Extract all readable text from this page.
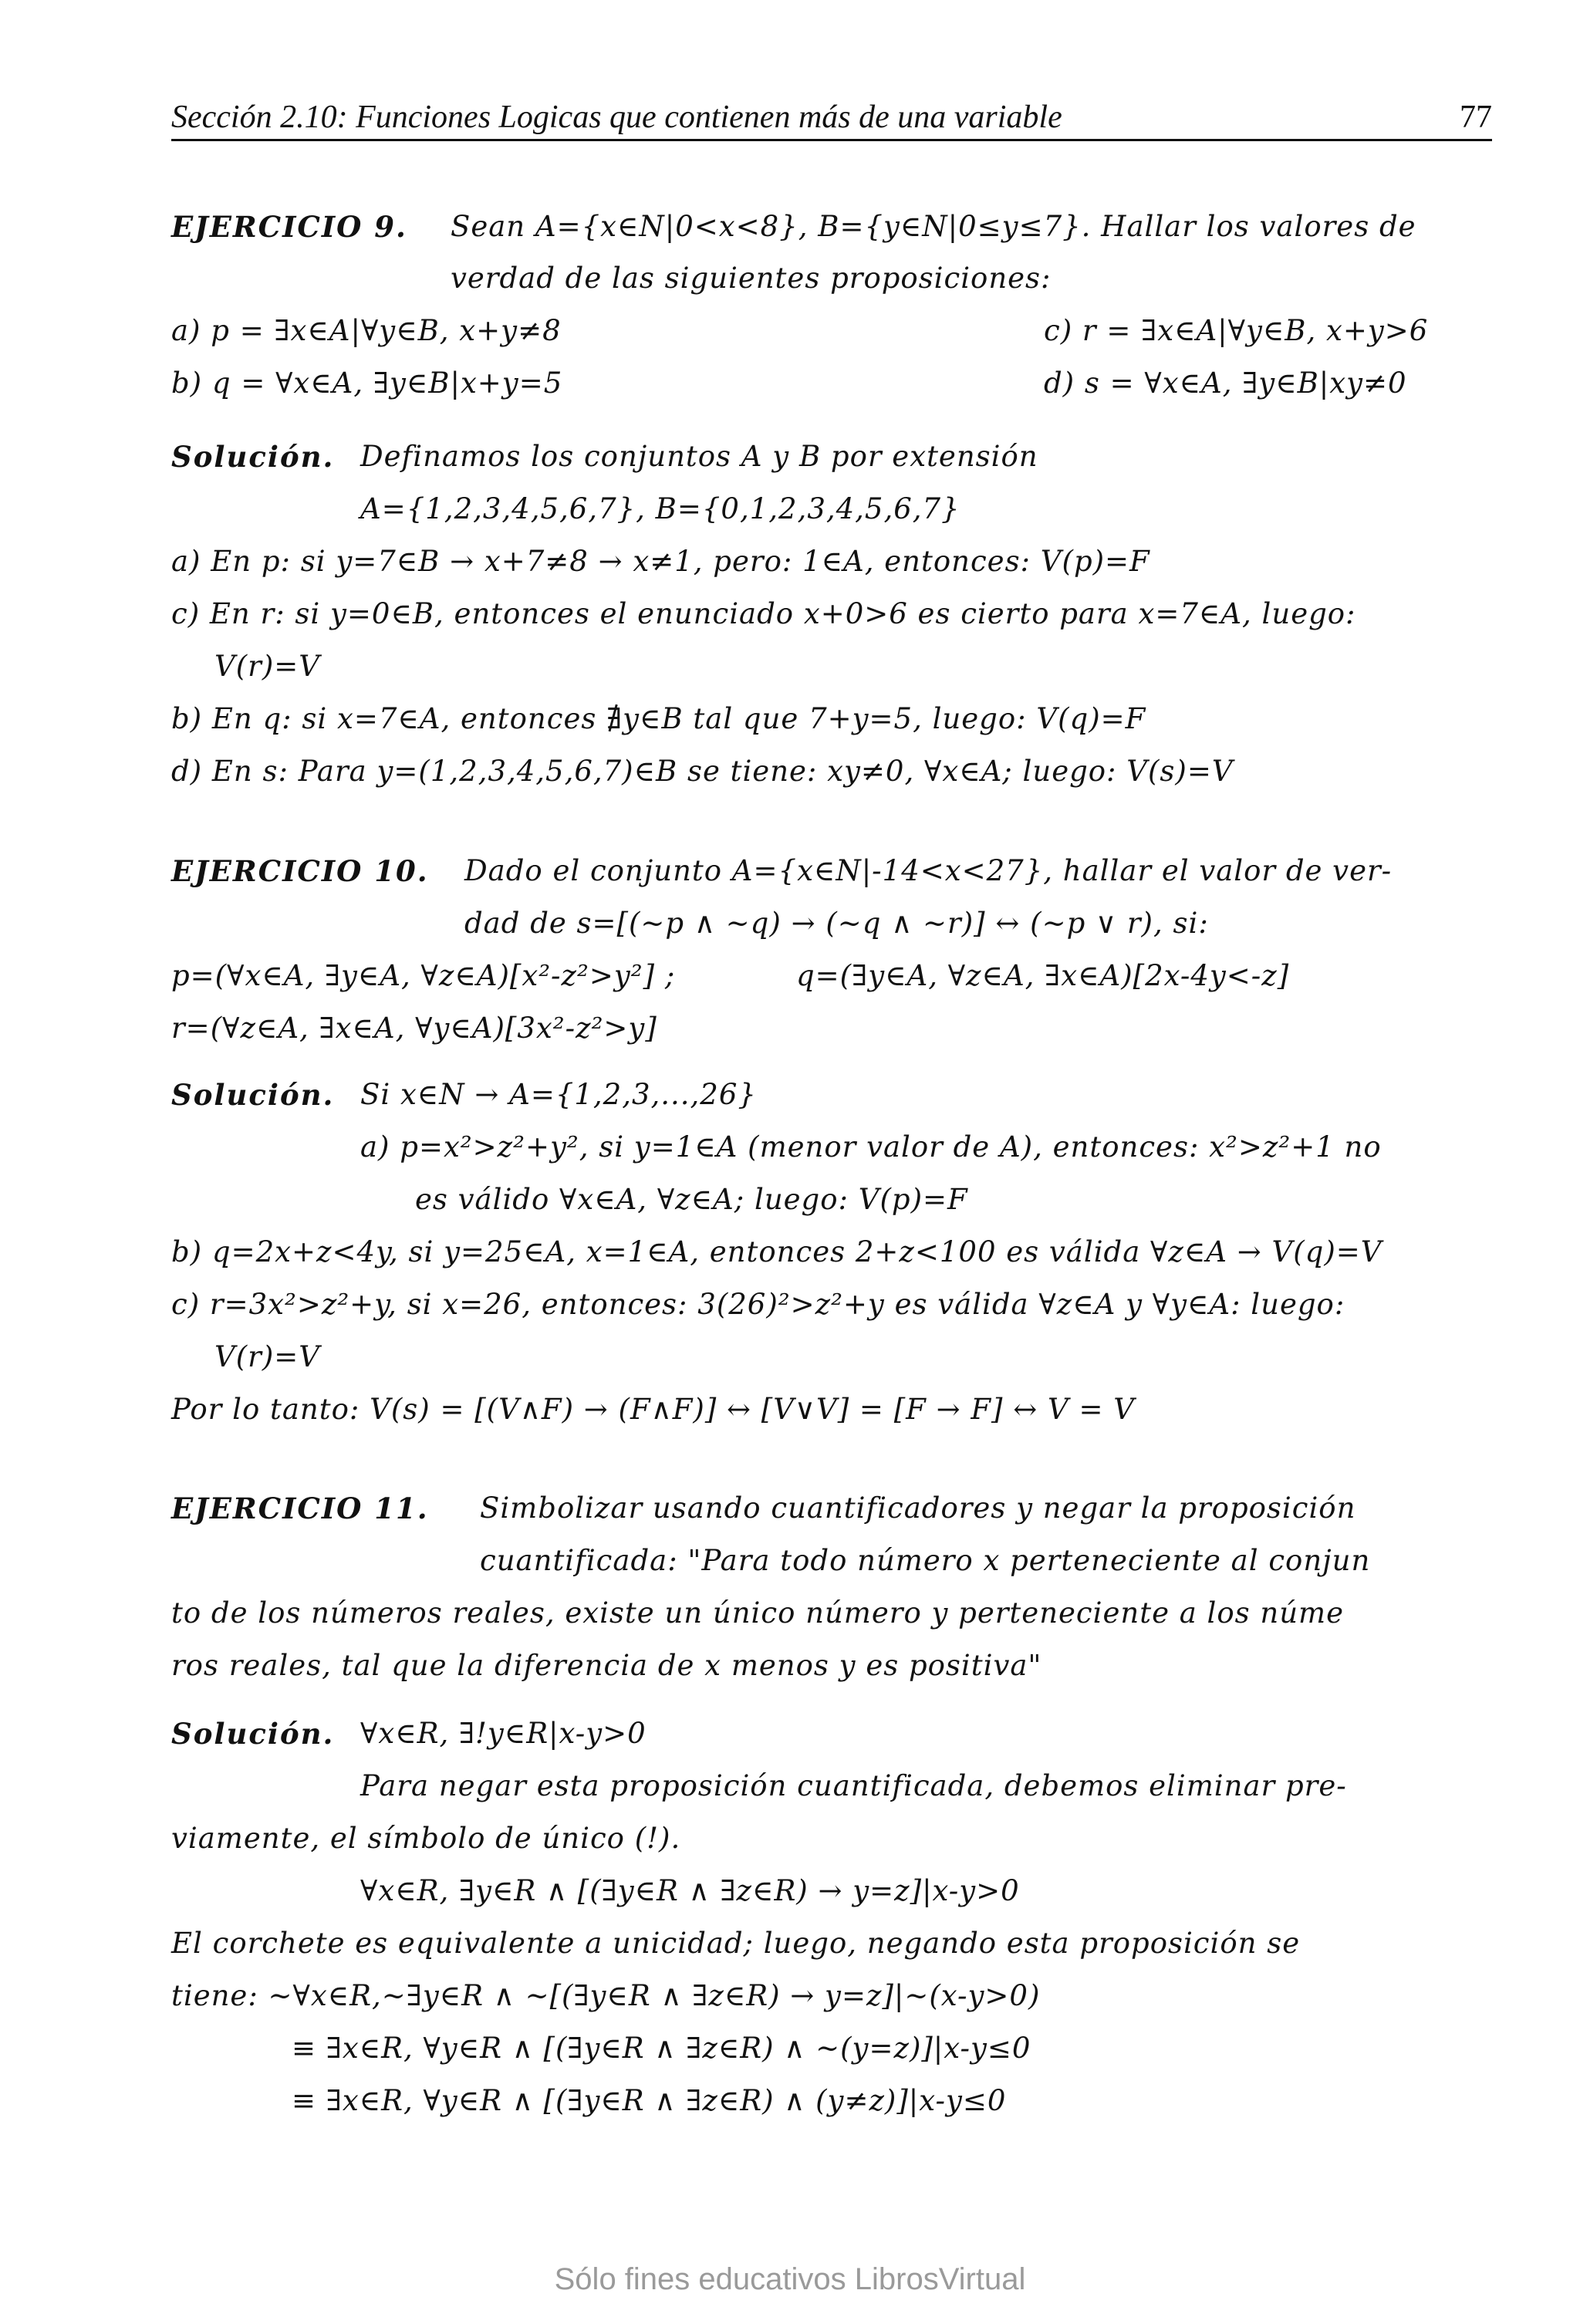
Sección 2.10: Funciones Logicas que contienen más de una variable	77
EJERCICIO 9. Sean A={x∈N|0<x<8}, B={y∈N|0≤y≤7}. Hallar los valores de
verdad de las siguientes proposiciones:
a) p = ∃x∈A|∀y∈B, x+y≠8	c) r = ∃x∈A|∀y∈B, x+y>6
b) q = ∀x∈A, ∃y∈B|x+y=5	d) s = ∀x∈A, ∃y∈B|xy≠0
Solución. Definamos los conjuntos A y B por extensión
A={1,2,3,4,5,6,7}, B={0,1,2,3,4,5,6,7}
a) En p: si y=7∈B → x+7≠8 → x≠1, pero: 1∈A, entonces: V(p)=F
c) En r: si y=0∈B, entonces el enunciado x+0>6 es cierto para x=7∈A, luego:
V(r)=V
b) En q: si x=7∈A, entonces ∄y∈B tal que 7+y=5, luego: V(q)=F
d) En s: Para y=(1,2,3,4,5,6,7)∈B se tiene: xy≠0, ∀x∈A; luego: V(s)=V
EJERCICIO 10. Dado el conjunto A={x∈N|-14<x<27}, hallar el valor de ver-
dad de s=[(~p ∧ ~q) → (~q ∧ ~r)] ↔ (~p ∨ r), si:
p=(∀x∈A, ∃y∈A, ∀z∈A)[x²-z²>y²] ;	q=(∃y∈A, ∀z∈A, ∃x∈A)[2x-4y<-z]
r=(∀z∈A, ∃x∈A, ∀y∈A)[3x²-z²>y]
Solución. Si x∈N → A={1,2,3,...,26}
a) p=x²>z²+y², si y=1∈A (menor valor de A), entonces: x²>z²+1 no
es válido ∀x∈A, ∀z∈A; luego: V(p)=F
b) q=2x+z<4y, si y=25∈A, x=1∈A, entonces 2+z<100 es válida ∀z∈A → V(q)=V
c) r=3x²>z²+y, si x=26, entonces: 3(26)²>z²+y es válida ∀z∈A y ∀y∈A: luego:
V(r)=V
Por lo tanto: V(s) = [(V∧F) → (F∧F)] ↔ [V∨V] = [F → F] ↔ V = V
EJERCICIO 11. Simbolizar usando cuantificadores y negar la proposición
cuantificada: "Para todo número x perteneciente al conjun
to de los números reales, existe un único número y perteneciente a los núme
ros reales, tal que la diferencia de x menos y es positiva"
Solución. ∀x∈R, ∃!y∈R|x-y>0
Para negar esta proposición cuantificada, debemos eliminar pre-
viamente, el símbolo de único (!).
∀x∈R, ∃y∈R ∧ [(∃y∈R ∧ ∃z∈R) → y=z]|x-y>0
El corchete es equivalente a unicidad; luego, negando esta proposición se
tiene: ~∀x∈R,~∃y∈R ∧ ~[(∃y∈R ∧ ∃z∈R) → y=z]|~(x-y>0)
≡ ∃x∈R, ∀y∈R ∧ [(∃y∈R ∧ ∃z∈R) ∧ ~(y=z)]|x-y≤0
≡ ∃x∈R, ∀y∈R ∧ [(∃y∈R ∧ ∃z∈R) ∧ (y≠z)]|x-y≤0
Sólo fines educativos LibrosVirtual
